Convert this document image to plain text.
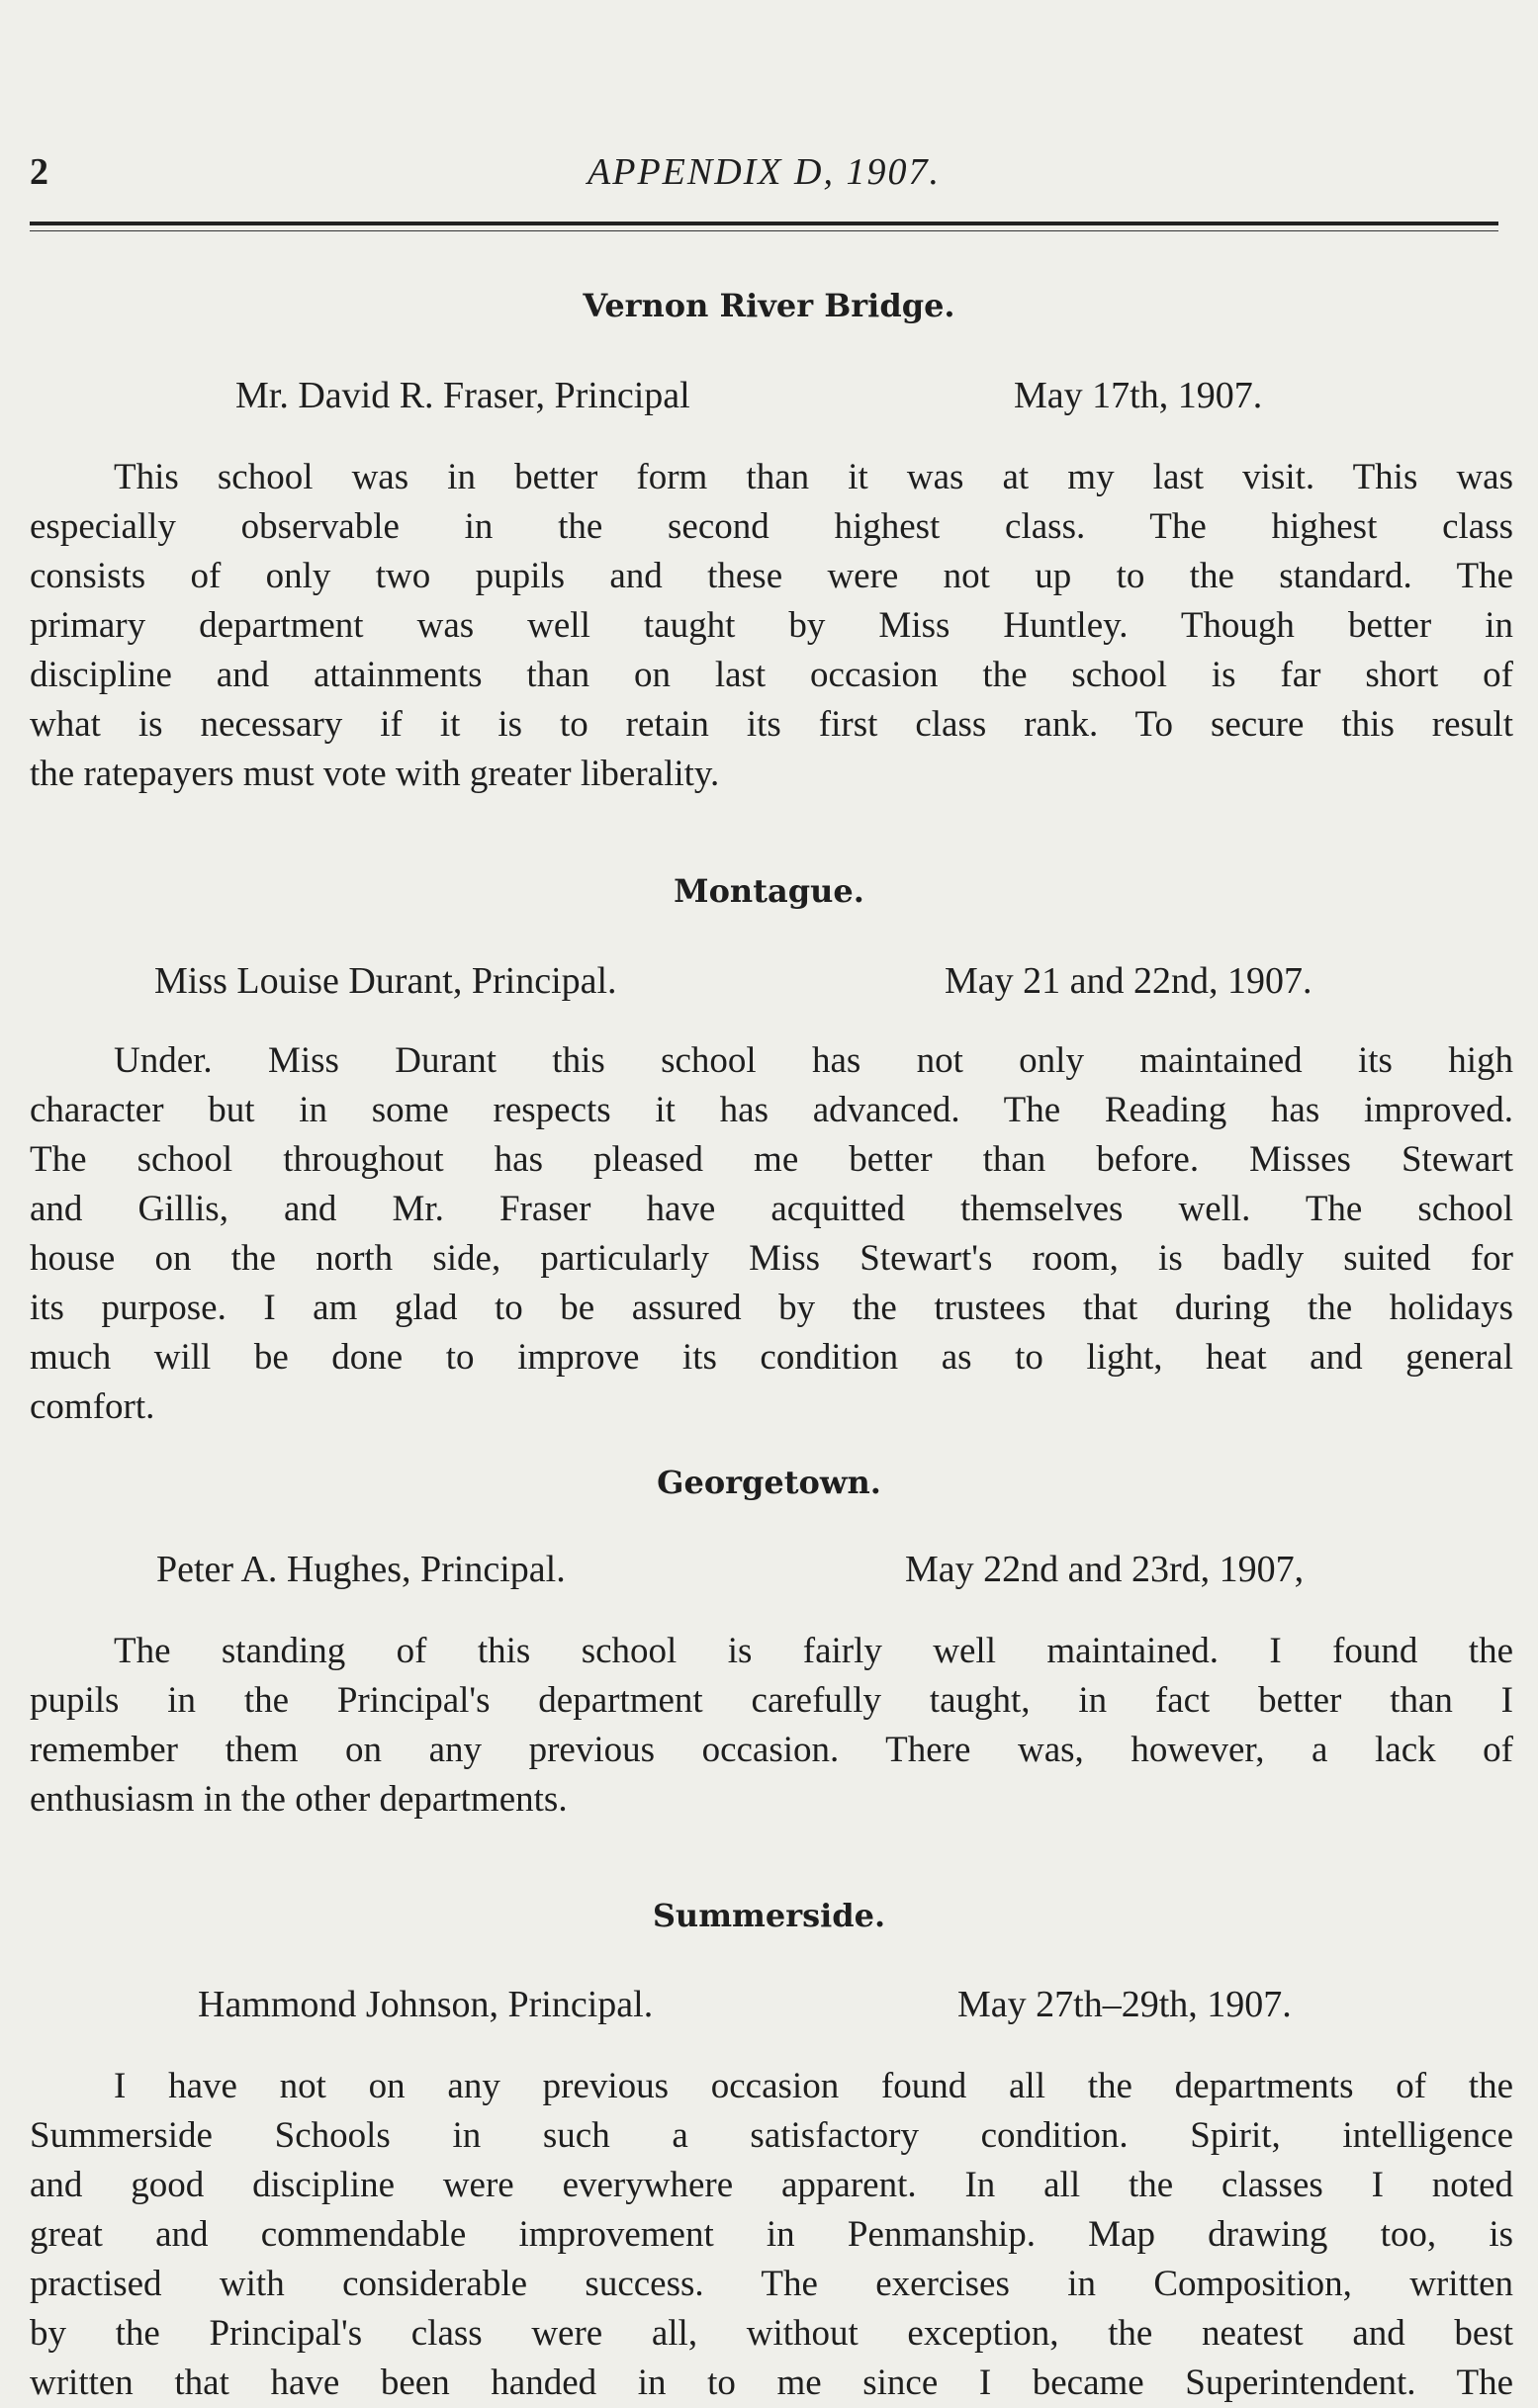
2	APPENDIX D, 1907.
Vernon River Bridge.
Mr. David R. Fraser, Principal	May 17th, 1907.
This school was in better form than it was at my last visit. This was
especially observable in the second highest class. The highest class
consists of only two pupils and these were not up to the standard. The
primary department was well taught by Miss Huntley. Though better in
discipline and attainments than on last occasion the school is far short of
what is necessary if it is to retain its first class rank. To secure this result
the ratepayers must vote with greater liberality.
Montague.
Miss Louise Durant, Principal.	May 21 and 22nd, 1907.
Under. Miss Durant this school has not only maintained its high
character but in some respects it has advanced. The Reading has improved.
The school throughout has pleased me better than before. Misses Stewart
and Gillis, and Mr. Fraser have acquitted themselves well. The school
house on the north side, particularly Miss Stewart's room, is badly suited for
its purpose. I am glad to be assured by the trustees that during the holidays
much will be done to improve its condition as to light, heat and general
comfort.
Georgetown.
Peter A. Hughes, Principal.	May 22nd and 23rd, 1907,
The standing of this school is fairly well maintained. I found the
pupils in the Principal's department carefully taught, in fact better than I
remember them on any previous occasion. There was, however, a lack of
enthusiasm in the other departments.
Summerside.
Hammond Johnson, Principal.	May 27th–29th, 1907.
I have not on any previous occasion found all the departments of the
Summerside Schools in such a satisfactory condition. Spirit, intelligence
and good discipline were everywhere apparent. In all the classes I noted
great and commendable improvement in Penmanship. Map drawing too, is
practised with considerable success. The exercises in Composition, written
by the Principal's class were all, without exception, the neatest and best
written that have been handed in to me since I became Superintendent. The
